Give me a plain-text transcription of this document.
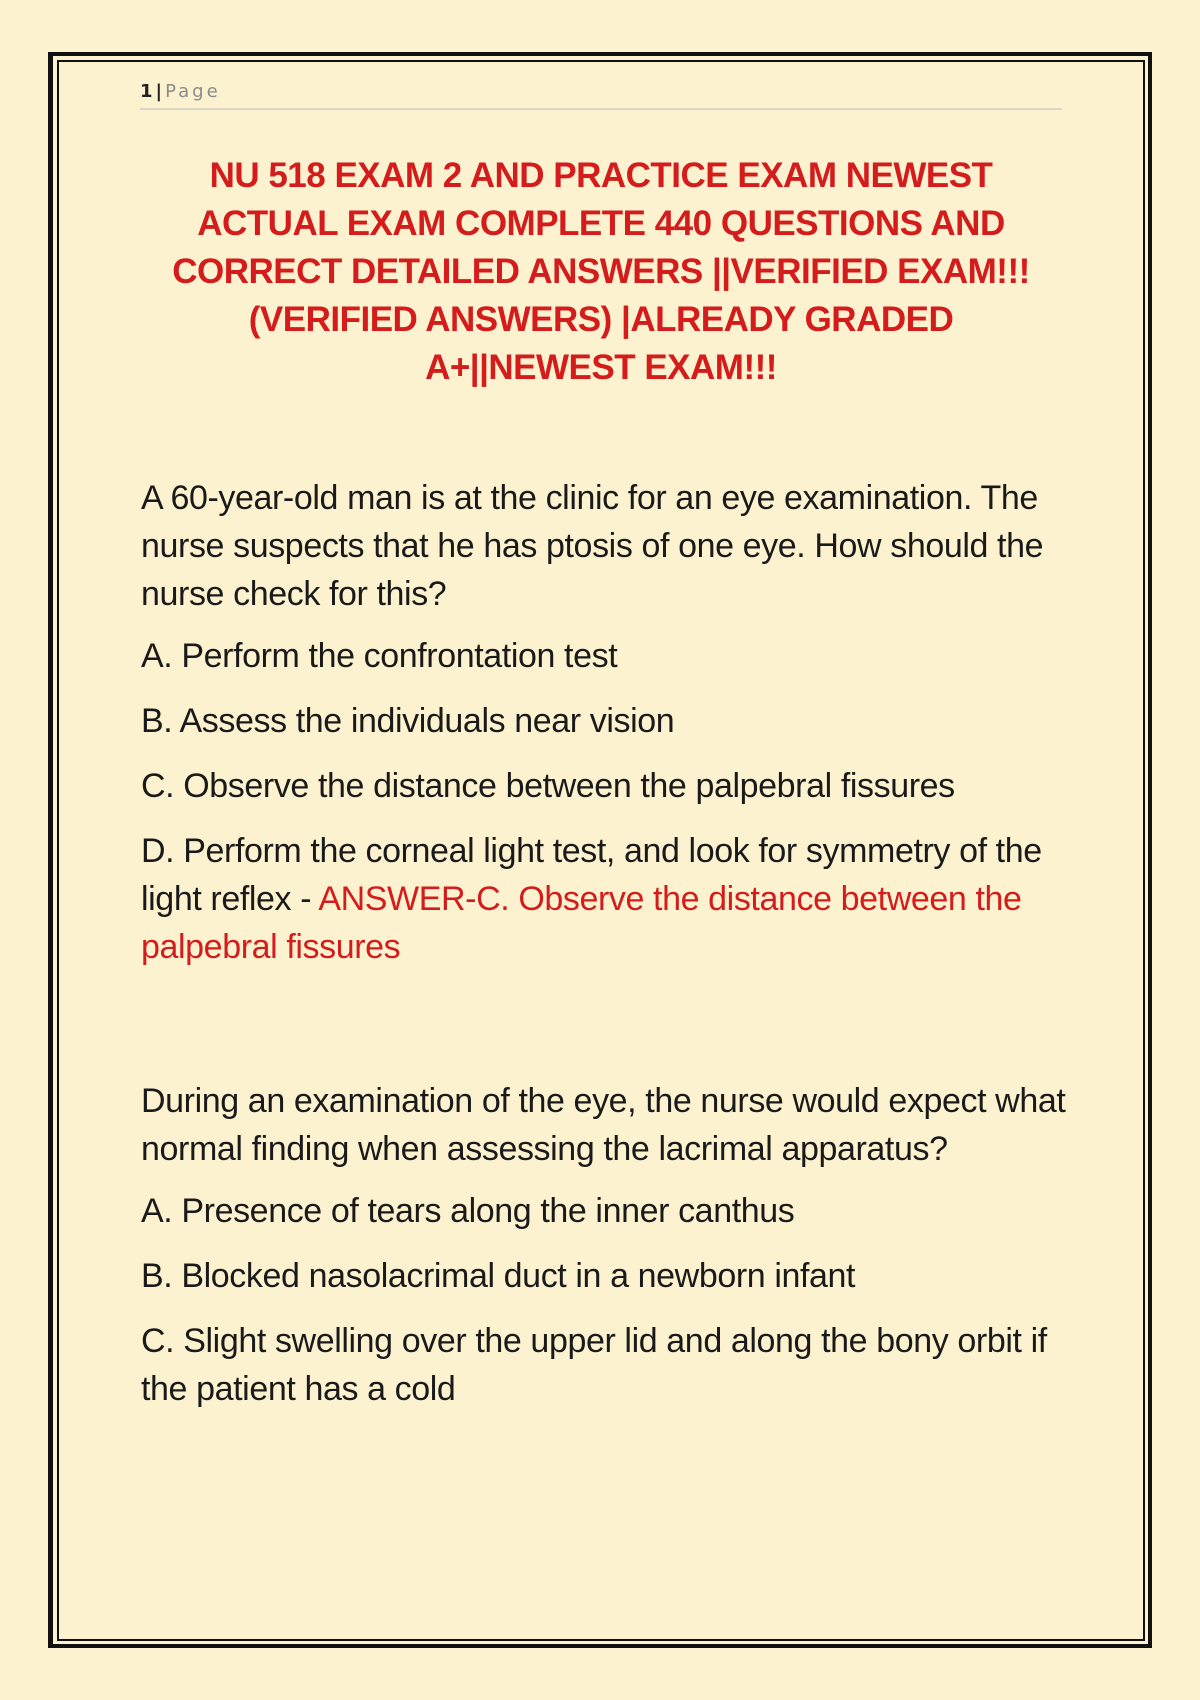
1 | Page
NU 518 EXAM 2 AND PRACTICE EXAM NEWEST ACTUAL EXAM COMPLETE 440 QUESTIONS AND CORRECT DETAILED ANSWERS ||VERIFIED EXAM!!!(VERIFIED ANSWERS) |ALREADY GRADED A+||NEWEST EXAM!!!
A 60-year-old man is at the clinic for an eye examination. The nurse suspects that he has ptosis of one eye. How should the nurse check for this?
A. Perform the confrontation test
B. Assess the individuals near vision
C. Observe the distance between the palpebral fissures
D. Perform the corneal light test, and look for symmetry of the light reflex - ANSWER-C. Observe the distance between the palpebral fissures
During an examination of the eye, the nurse would expect what normal finding when assessing the lacrimal apparatus?
A. Presence of tears along the inner canthus
B. Blocked nasolacrimal duct in a newborn infant
C. Slight swelling over the upper lid and along the bony orbit if the patient has a cold
